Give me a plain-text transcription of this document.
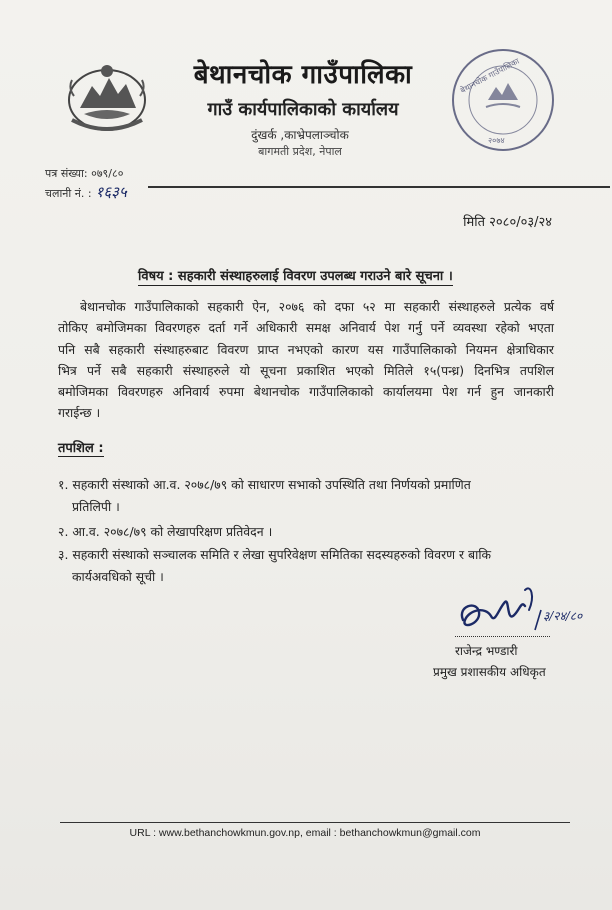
बेथानचोक गाउँपालिका
गाउँ कार्यपालिकाको कार्यालय
दुंखर्क ,काभ्रेपलाञ्चोक
बागमती प्रदेश, नेपाल
बेथानचोक गाउँपालिका
२०७४
पत्र संख्या: ०७९/८०
चलानी नं. : १६३५
मिति २०८०/०३/२४
विषय : सहकारी संस्थाहरुलाई विवरण उपलब्ध गराउने बारे सूचना ।
बेथानचोक गाउँपालिकाको सहकारी ऐन, २०७६ को दफा ५२ मा सहकारी संस्थाहरुले प्रत्येक वर्ष
तोकिए बमोजिमका विवरणहरु दर्ता गर्ने अधिकारी समक्ष अनिवार्य पेश गर्नु पर्ने व्यवस्था रहेको भएता
पनि सबै सहकारी संस्थाहरुबाट विवरण प्राप्त नभएको कारण यस गाउँपालिकाको नियमन क्षेत्राधिकार
भित्र पर्ने सबै सहकारी संस्थाहरुले यो सूचना प्रकाशित भएको मितिले १५(पन्ध्र) दिनभित्र तपशिल
बमोजिमका विवरणहरु अनिवार्य रुपमा बेथानचोक गाउँपालिकाको कार्यालयमा पेश गर्न हुन जानकारी
गराईन्छ ।
तपशिल :
१. सहकारी संस्थाको आ.व. २०७८/७९ को साधारण सभाको उपस्थिति तथा निर्णयको प्रमाणित
प्रतिलिपी ।
२. आ.व. २०७८/७९ को लेखापरिक्षण प्रतिवेदन ।
३. सहकारी संस्थाको सञ्चालक समिति र लेखा सुपरिवेक्षण समितिका सदस्यहरुको विवरण र बाकि
कार्यअवधिको सूची ।
३/२४/८०
राजेन्द्र भण्डारी
प्रमुख प्रशासकीय अधिकृत
URL : www.bethanchowkmun.gov.np, email : bethanchowkmun@gmail.com
